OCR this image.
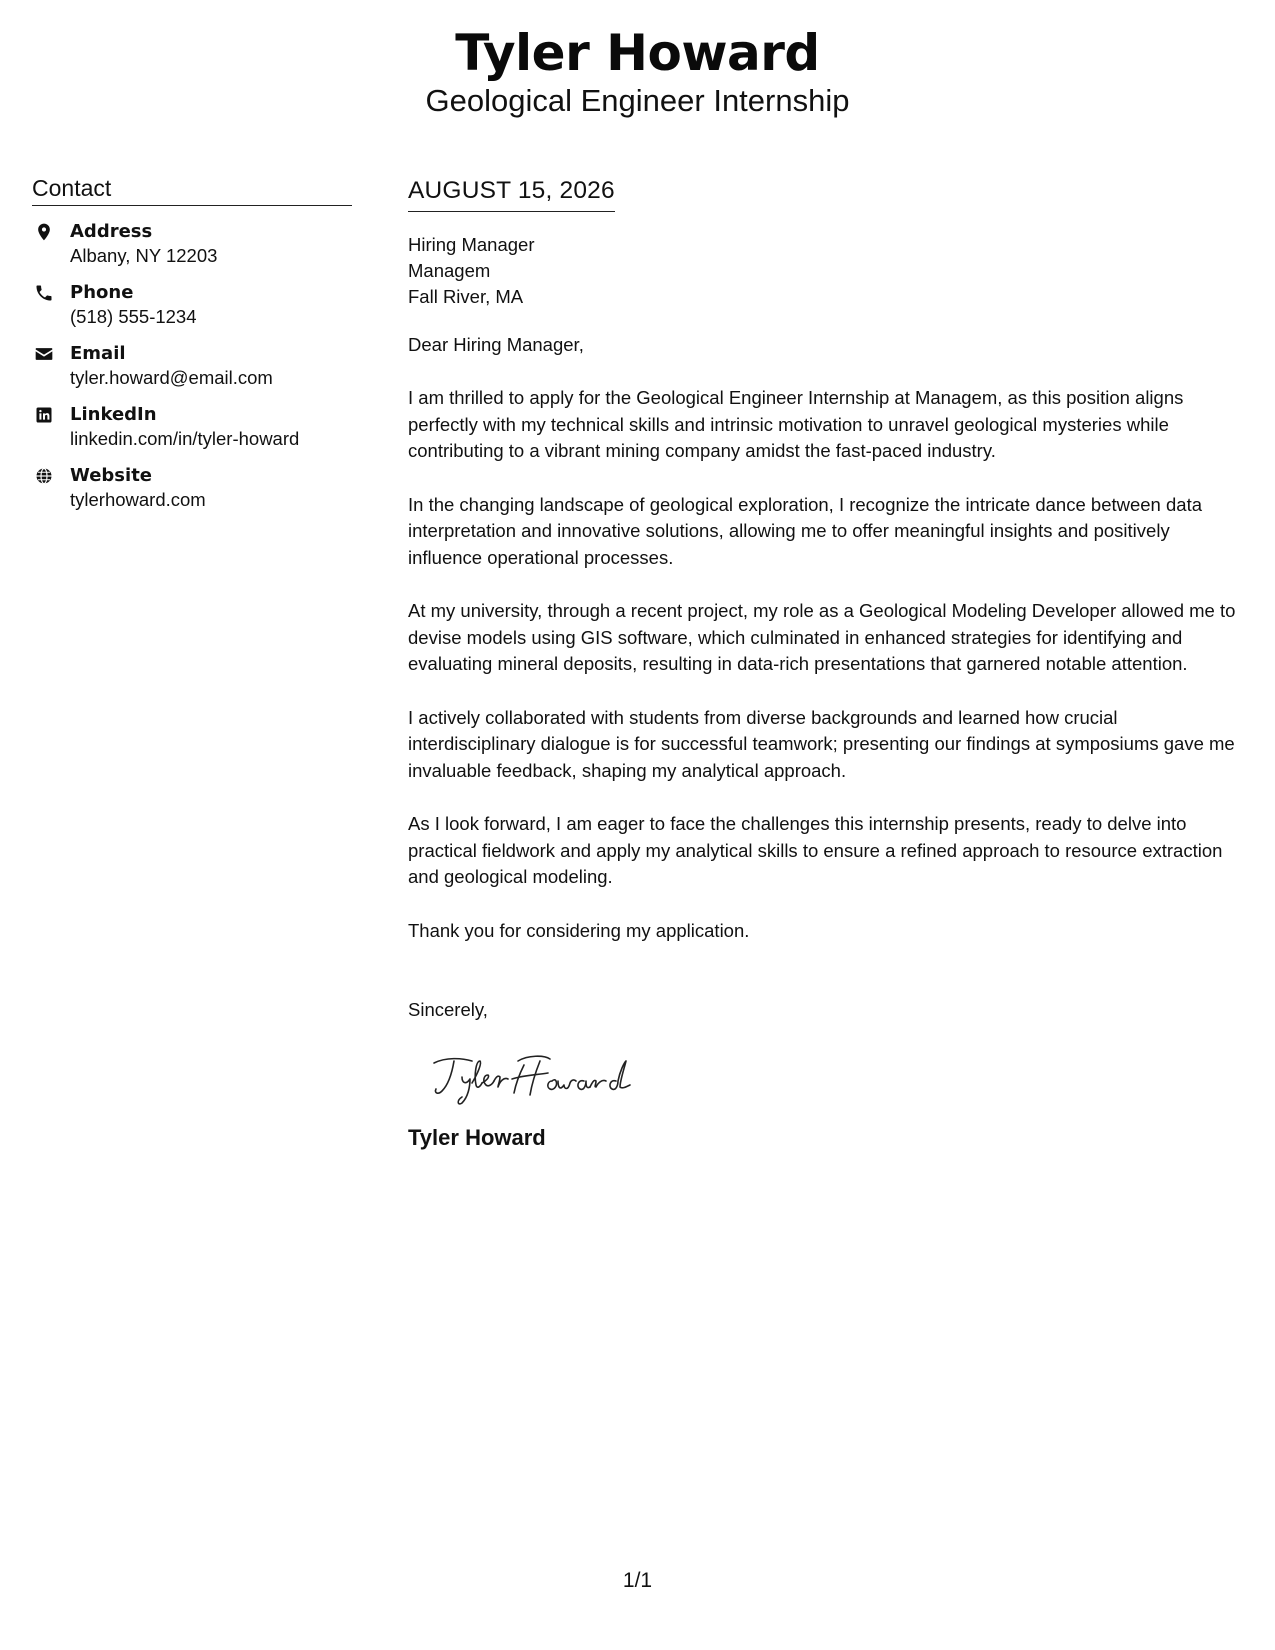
Tyler Howard
Geological Engineer Internship
Contact
Address
Albany, NY 12203
Phone
(518) 555-1234
Email
tyler.howard@email.com
LinkedIn
linkedin.com/in/tyler-howard
Website
tylerhoward.com
AUGUST 15, 2026
Hiring Manager
Managem
Fall River, MA
Dear Hiring Manager,

I am thrilled to apply for the Geological Engineer Internship at Managem, as this position aligns perfectly with my technical skills and intrinsic motivation to unravel geological mysteries while contributing to a vibrant mining company amidst the fast-paced industry.

In the changing landscape of geological exploration, I recognize the intricate dance between data interpretation and innovative solutions, allowing me to offer meaningful insights and positively influence operational processes.

At my university, through a recent project, my role as a Geological Modeling Developer allowed me to devise models using GIS software, which culminated in enhanced strategies for identifying and evaluating mineral deposits, resulting in data-rich presentations that garnered notable attention.

I actively collaborated with students from diverse backgrounds and learned how crucial interdisciplinary dialogue is for successful teamwork; presenting our findings at symposiums gave me invaluable feedback, shaping my analytical approach.

As I look forward, I am eager to face the challenges this internship presents, ready to delve into practical fieldwork and apply my analytical skills to ensure a refined approach to resource extraction and geological modeling.

Thank you for considering my application.

Sincerely,
Tyler Howard
1/1
